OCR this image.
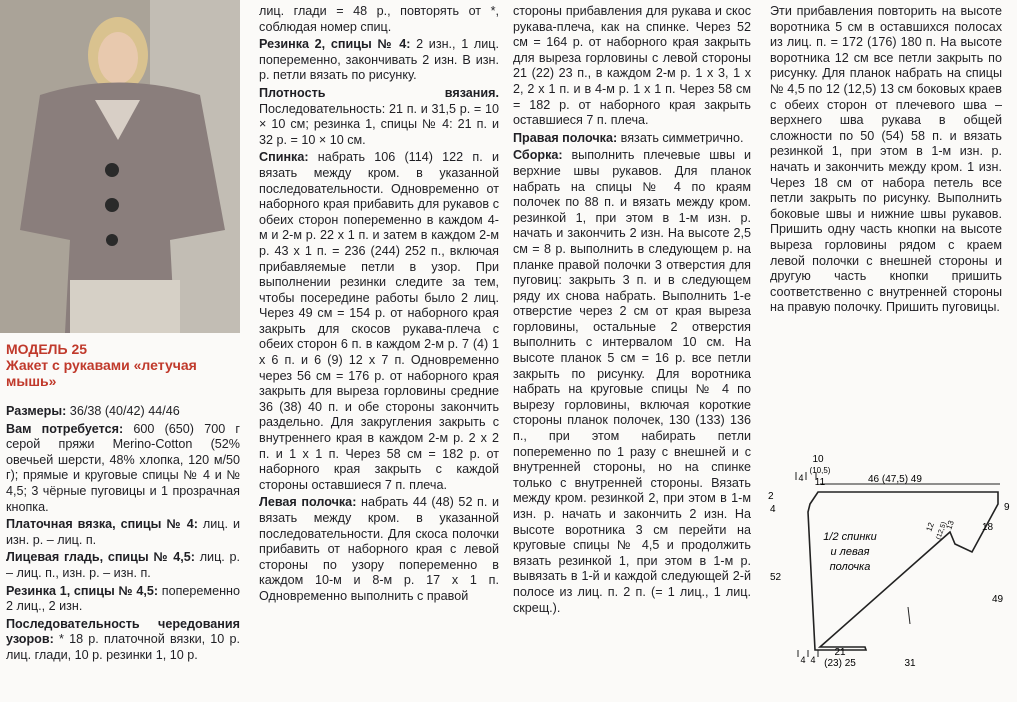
МОДЕЛЬ 25
Жакет с рукавами «летучая мышь»

Размеры: 36/38 (40/42) 44/46

Вам потребуется: 600 (650) 700 г серой пряжи Merino-Cotton (52% овечьей шерсти, 48% хлопка, 120 м/50 г); прямые и круговые спицы № 4 и № 4,5; 3 чёрные пуговицы и 1 прозрачная кнопка.

Платочная вязка, спицы № 4: лиц. и изн. р. – лиц. п.

Лицевая гладь, спицы № 4,5: лиц. р. – лиц. п., изн. р. – изн. п.

Резинка 1, спицы № 4,5: попеременно 2 лиц., 2 изн.

Последовательность чередования узоров: * 18 р. платочной вязки, 10 р. лиц. глади, 10 р. резинки 1, 10 р.

лиц. глади = 48 р., повторять от *, соблюдая номер спиц.

Резинка 2, спицы № 4: 2 изн., 1 лиц. попеременно, закончивать 2 изн. В изн. р. петли вязать по рисунку.

Плотность вязания. Последовательность: 21 п. и 31,5 р. = 10 × 10 см; резинка 1, спицы № 4: 21 п. и 32 р. = 10 × 10 см.

Спинка: набрать 106 (114) 122 п. и вязать между кром. в указанной последовательности. Одновременно от наборного края прибавить для рукавов с обеих сторон попеременно в каждом 4-м и 2-м р. 22 х 1 п. и затем в каждом 2-м р. 43 х 1 п. = 236 (244) 252 п., включая прибавляемые петли в узор. При выполнении резинки следите за тем, чтобы посередине работы было 2 лиц. Через 49 см = 154 р. от наборного края закрыть для скосов рукава-плеча с обеих сторон 6 п. в каждом 2-м р. 7 (4) 1 х 6 п. и 6 (9) 12 х 7 п. Одновременно через 56 см = 176 р. от наборного края закрыть для выреза горловины средние 36 (38) 40 п. и обе стороны закончить раздельно. Для закругления закрыть с внутреннего края в каждом 2-м р. 2 х 2 п. и 1 х 1 п. Через 58 см = 182 р. от наборного края закрыть с каждой стороны оставшиеся 7 п. плеча.

Левая полочка: набрать 44 (48) 52 п. и вязать между кром. в указанной последовательности. Для скоса полочки прибавить от наборного края с левой стороны по узору попеременно в каждом 10-м и 8-м р. 17 х 1 п. Одновременно выполнить с правой

стороны прибавления для рукава и скос рукава-плеча, как на спинке. Через 52 см = 164 р. от наборного края закрыть для выреза горловины с левой стороны 21 (22) 23 п., в каждом 2-м р. 1 х 3, 1 х 2, 2 х 1 п. и в 4-м р. 1 х 1 п. Через 58 см = 182 р. от наборного края закрыть оставшиеся 7 п. плеча.

Правая полочка: вязать симметрично.

Сборка: выполнить плечевые швы и верхние швы рукавов. Для планок набрать на спицы № 4 по краям полочек по 88 п. и вязать между кром. резинкой 1, при этом в 1-м изн. р. начать и закончить 2 изн. На высоте 2,5 см = 8 р. выполнить в следующем р. на планке правой полочки 3 отверстия для пуговиц: закрыть 3 п. и в следующем ряду их снова набрать. Выполнить 1-е отверстие через 2 см от края выреза горловины, остальные 2 отверстия выполнить с интервалом 10 см. На высоте планок 5 см = 16 р. все петли закрыть по рисунку. Для воротника набрать на круговые спицы № 4 по вырезу горловины, включая короткие стороны планок полочек, 130 (133) 136 п., при этом набирать петли попеременно по 1 разу с внешней и с внутренней стороны, но на спинке только с внутренней стороны. Вязать между кром. резинкой 2, при этом в 1-м изн. р. начать и закончить 2 изн. На высоте воротника 3 см перейти на круговые спицы № 4,5 и продолжить вязать резинкой 1, при этом в 1-м р. вывязать в 1-й и каждой следующей 2-й полосе из лиц. п. 2 п. (= 1 лиц., 1 лиц. скрещ.).

Эти прибавления повторить на высоте воротника 5 см в оставшихся полосах из лиц. п. = 172 (176) 180 п. На высоте воротника 12 см все петли закрыть по рисунку. Для планок набрать на спицы № 4,5 по 12 (12,5) 13 см боковых краев с обеих сторон от плечевого шва – верхнего шва рукава в общей сложности по 50 (54) 58 п. и вязать резинкой 1, при этом в 1-м изн. р. начать и закончить между кром. 1 изн. Через 18 см от набора петель все петли закрыть по рисунку. Выполнить боковые швы и нижние швы рукавов. Пришить одну часть кнопки на высоте выреза горловины рядом с краем левой полочки с внешней стороны и другую часть кнопки пришить соответственно с внутренней стороны на правую полочку. Пришить пуговицы.

10
(10,5)
11	46 (47,5) 49
4
2
4	9
12 (12,5)
13	18
52
49
4 4
21
(23) 25	31
1/2 спинки
и левая
полочка
